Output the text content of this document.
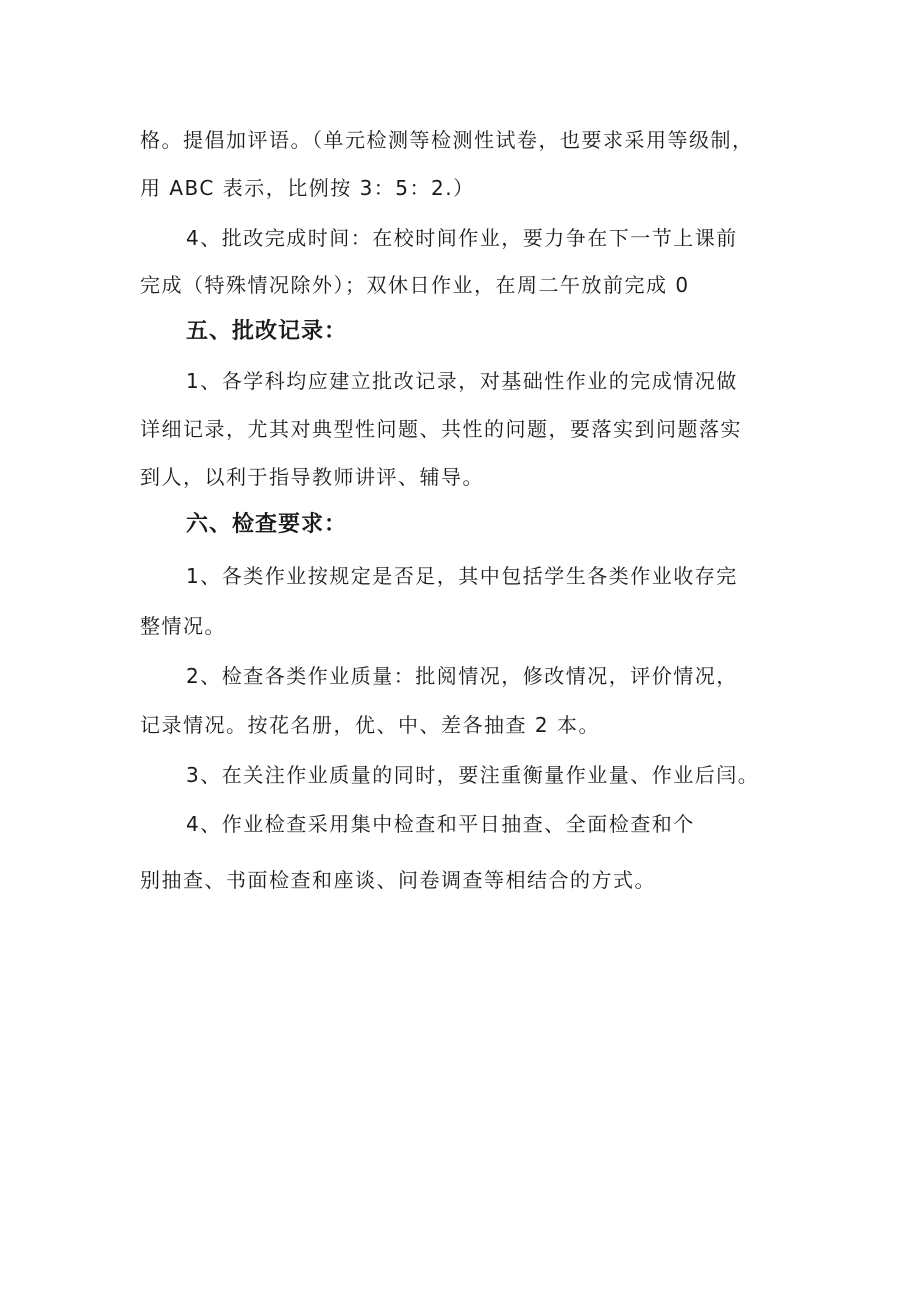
格。提倡加评语。（单元检测等检测性试卷，也要求采用等级制，
用 ABC 表示，比例按 3：5：2.）
4、批改完成时间：在校时间作业，要力争在下一节上课前
完成（特殊情况除外）；双休日作业，在周二午放前完成 0
五、批改记录：
1、各学科均应建立批改记录，对基础性作业的完成情况做
详细记录，尤其对典型性问题、共性的问题，要落实到问题落实
到人，以利于指导教师讲评、辅导。
六、检查要求：
1、各类作业按规定是否足，其中包括学生各类作业收存完
整情况。
2、检查各类作业质量：批阅情况，修改情况，评价情况，
记录情况。按花名册，优、中、差各抽查 2 本。
3、在关注作业质量的同时，要注重衡量作业量、作业后闫。
4、作业检查采用集中检查和平日抽查、全面检查和个
别抽查、书面检查和座谈、问卷调查等相结合的方式。
